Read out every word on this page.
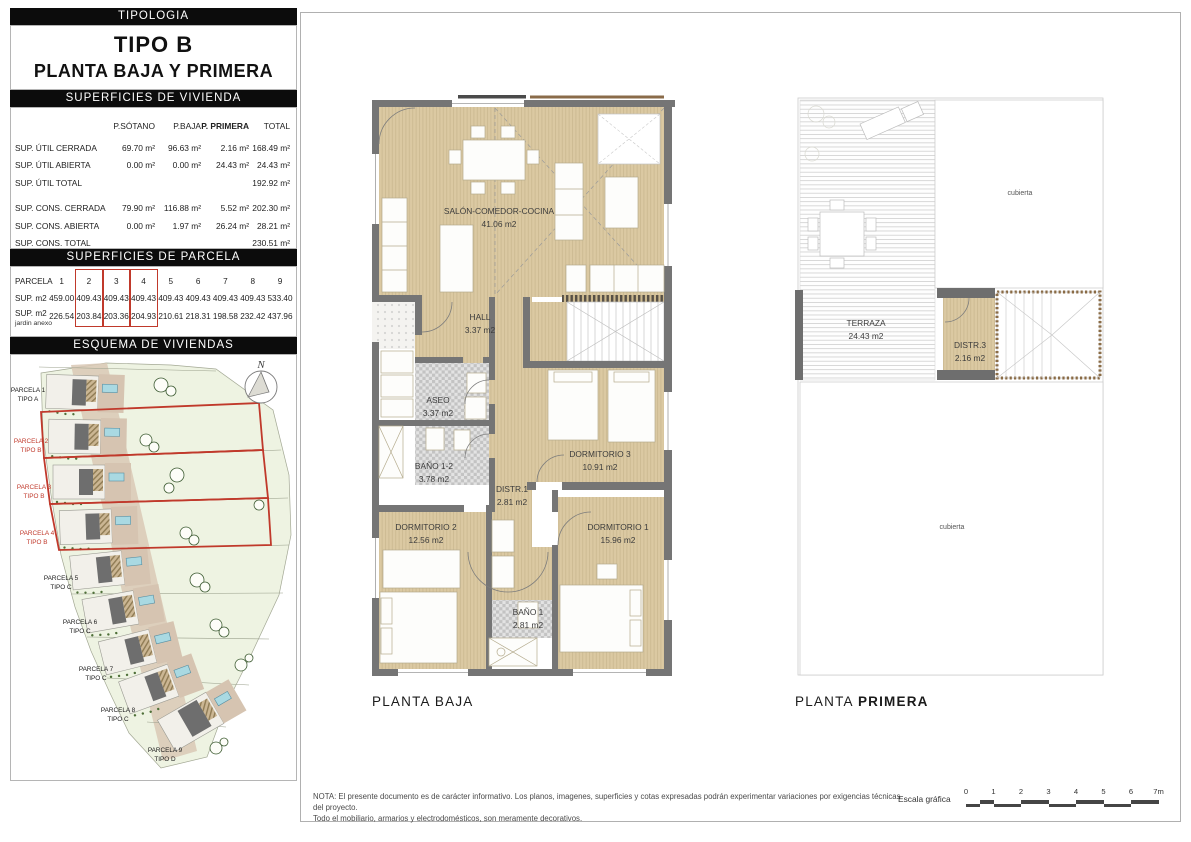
TIPOLOGIA
TIPO B
PLANTA BAJA Y PRIMERA
SUPERFICIES DE VIVIENDA
P.SÓTANO	P.BAJA P. PRIMERA	TOTAL
SUP. ÚTIL CERRADA	69.70 m²	96.63 m²	2.16 m² 168.49 m²
SUP. ÚTIL ABIERTA	0.00 m²	0.00 m²	24.43 m² 24.43 m²
SUP. ÚTIL TOTAL	192.92 m²
SUP. CONS. CERRADA	79.90 m²	116.88 m²	5.52 m² 202.30 m²
SUP. CONS. ABIERTA	0.00 m²	1.97 m²	26.24 m² 28.21 m²
SUP. CONS. TOTAL	230.51 m²
SUPERFICIES DE PARCELA
PARCELA 1	2	3	4	5	6	7	8	9
SUP. m2 459.00 409.43 409.43 409.43 409.43 409.43 409.43 409.43 533.40
SUP. m2
jardin anexo
226.54 203.84 203.36 204.93 210.61 218.31 198.58 232.42 437.96
ESQUEMA DE VIVIENDAS
N
PARCELA 1
TIPO A
PARCELA 2
TIPO B
PARCELA 3
TIPO B
PARCELA 4
TIPO B
PARCELA 5
TIPO C
PARCELA 6
TIPO C
PARCELA 7
TIPO C
PARCELA 8
TIPO C
PARCELA 9
TIPO D
SALÓN-COMEDOR-COCINA
41.06 m2
HALL
3.37 m2
ASEO
3.37 m2
BAÑO 1-2
3.78 m2
DISTR.1
2.81 m2
DORMITORIO 3
10.91 m2
DORMITORIO 2
12.56 m2
DORMITORIO 1
15.96 m2
BAÑO 1
2.81 m2
TERRAZA
24.43 m2
DISTR.3
2.16 m2
cubierta
cubierta
PLANTA BAJA	PLANTA PRIMERA
NOTA: El presente documento es de carácter informativo. Los planos, imagenes, superficies y cotas expresadas podrán experimentar variaciones por exigencias técnicas del proyecto.
Todo el mobiliario, armarios y electrodomésticos, son meramente decorativos.
Escala gráfica
0	1	2	3	4	5	6	7m
